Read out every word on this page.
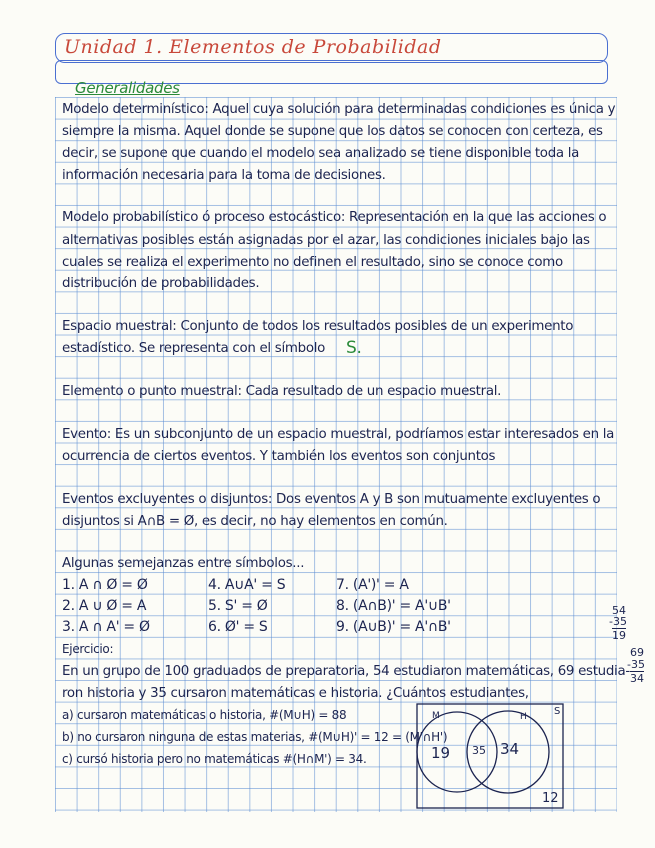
Unidad 1. Elementos de Probabilidad
Generalidades
Modelo determinístico: Aquel cuya solución para determinadas condiciones es única y
siempre la misma. Aquel donde se supone que los datos se conocen con certeza, es
decir, se supone que cuando el modelo sea analizado se tiene disponible toda la
información necesaria para la toma de decisiones.
Modelo probabilístico ó proceso estocástico: Representación en la que las acciones o
alternativas posibles están asignadas por el azar, las condiciones iniciales bajo las
cuales se realiza el experimento no definen el resultado, sino se conoce como
distribución de probabilidades.
Espacio muestral: Conjunto de todos los resultados posibles de un experimento
estadístico. Se representa con el símbolo S.
Elemento o punto muestral: Cada resultado de un espacio muestral.
Evento: Es un subconjunto de un espacio muestral, podríamos estar interesados en la
ocurrencia de ciertos eventos. Y también los eventos son conjuntos
Eventos excluyentes o disjuntos: Dos eventos A y B son mutuamente excluyentes o
disjuntos si A∩B = Ø, es decir, no hay elementos en común.
Algunas semejanzas entre símbolos...
1. A ∩ Ø = Ø	4. A∪A' = S	7. (A')' = A
2. A ∪ Ø = A	5. S' = Ø	8. (A∩B)' = A'∪B'
3. A ∩ A' = Ø	6. Ø' = S	9. (A∪B)' = A'∩B'
Ejercicio:
En un grupo de 100 graduados de preparatoria, 54 estudiaron matemáticas, 69 estudia-
ron historia y 35 cursaron matemáticas e historia. ¿Cuántos estudiantes,
a) cursaron matemáticas o historia, #(M∪H) = 88
b) no cursaron ninguna de estas materias, #(M∪H)' = 12 = (M'∩H')
c) cursó historia pero no matemáticas #(H∩M') = 34.
54
-35
19
69
-35
34
S
M	H
19 35 34
12
